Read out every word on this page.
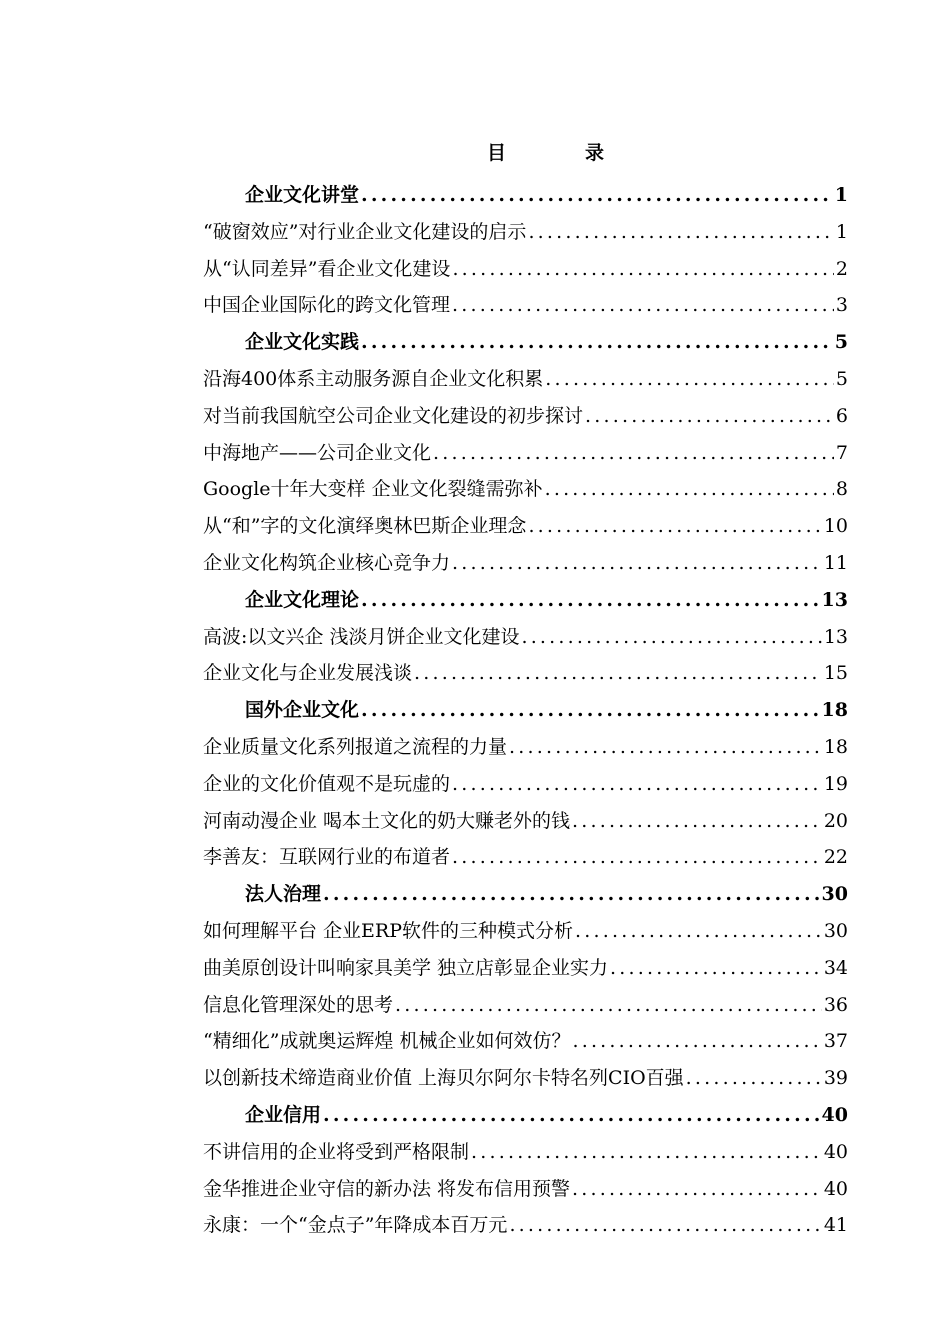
目　录
企业文化讲堂 .....	1
“破窗效应”对行业企业文化建设的启示 .....	1
从“认同差异”看企业文化建设 .....	2
中国企业国际化的跨文化管理 .....	3
企业文化实践 .....	5
沿海400体系主动服务源自企业文化积累 .....	5
对当前我国航空公司企业文化建设的初步探讨 .....	6
中海地产——公司企业文化 .....	7
Google十年大变样 企业文化裂缝需弥补 .....	8
从“和”字的文化演绎奥林巴斯企业理念 .....	10
企业文化构筑企业核心竞争力 .....	11
企业文化理论 .....	13
高波:以文兴企 浅淡月饼企业文化建设 .....	13
企业文化与企业发展浅谈 .....	15
国外企业文化 .....	18
企业质量文化系列报道之流程的力量 .....	18
企业的文化价值观不是玩虚的 .....	19
河南动漫企业 喝本土文化的奶大赚老外的钱 .....	20
李善友：互联网行业的布道者 .....	22
法人治理 .....	30
如何理解平台 企业ERP软件的三种模式分析 .....	30
曲美原创设计叫响家具美学 独立店彰显企业实力 .....	34
信息化管理深处的思考 .....	36
“精细化”成就奥运辉煌 机械企业如何效仿？ .....	37
以创新技术缔造商业价值 上海贝尔阿尔卡特名列CIO百强 .....	39
企业信用 .....	40
不讲信用的企业将受到严格限制 .....	40
金华推进企业守信的新办法 将发布信用预警 .....	40
永康：一个“金点子”年降成本百万元 .....	41
